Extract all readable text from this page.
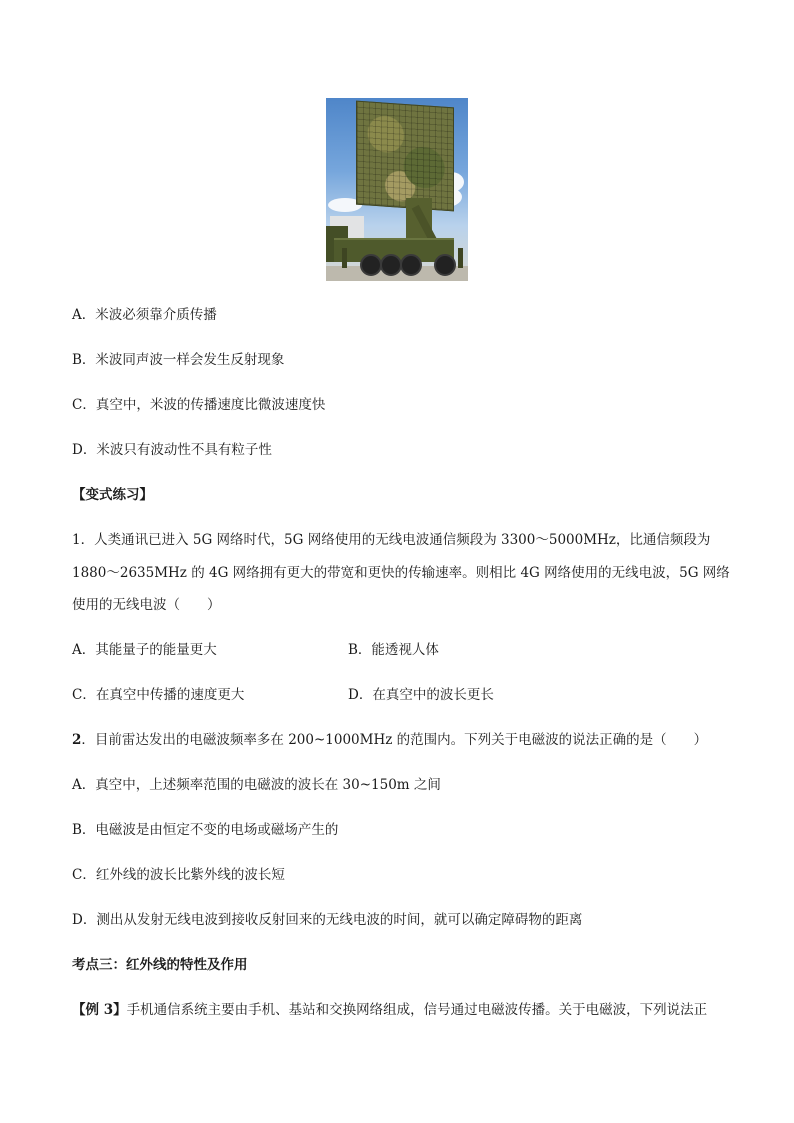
A．米波必须靠介质传播
B．米波同声波一样会发生反射现象
C．真空中，米波的传播速度比微波速度快
D．米波只有波动性不具有粒子性
【变式练习】
1．人类通讯已进入 5G 网络时代，5G 网络使用的无线电波通信频段为 3300～5000MHz，比通信频段为
1880～2635MHz 的 4G 网络拥有更大的带宽和更快的传输速率。则相比 4G 网络使用的无线电波，5G 网络
使用的无线电波（　　）
A．其能量子的能量更大	B．能透视人体
C．在真空中传播的速度更大	D．在真空中的波长更长
2．目前雷达发出的电磁波频率多在 200~1000MHz 的范围内。下列关于电磁波的说法正确的是（　　）
A．真空中，上述频率范围的电磁波的波长在 30~150m 之间
B．电磁波是由恒定不变的电场或磁场产生的
C．红外线的波长比紫外线的波长短
D．测出从发射无线电波到接收反射回来的无线电波的时间，就可以确定障碍物的距离
考点三：红外线的特性及作用
【例 3】手机通信系统主要由手机、基站和交换网络组成，信号通过电磁波传播。关于电磁波，下列说法正
